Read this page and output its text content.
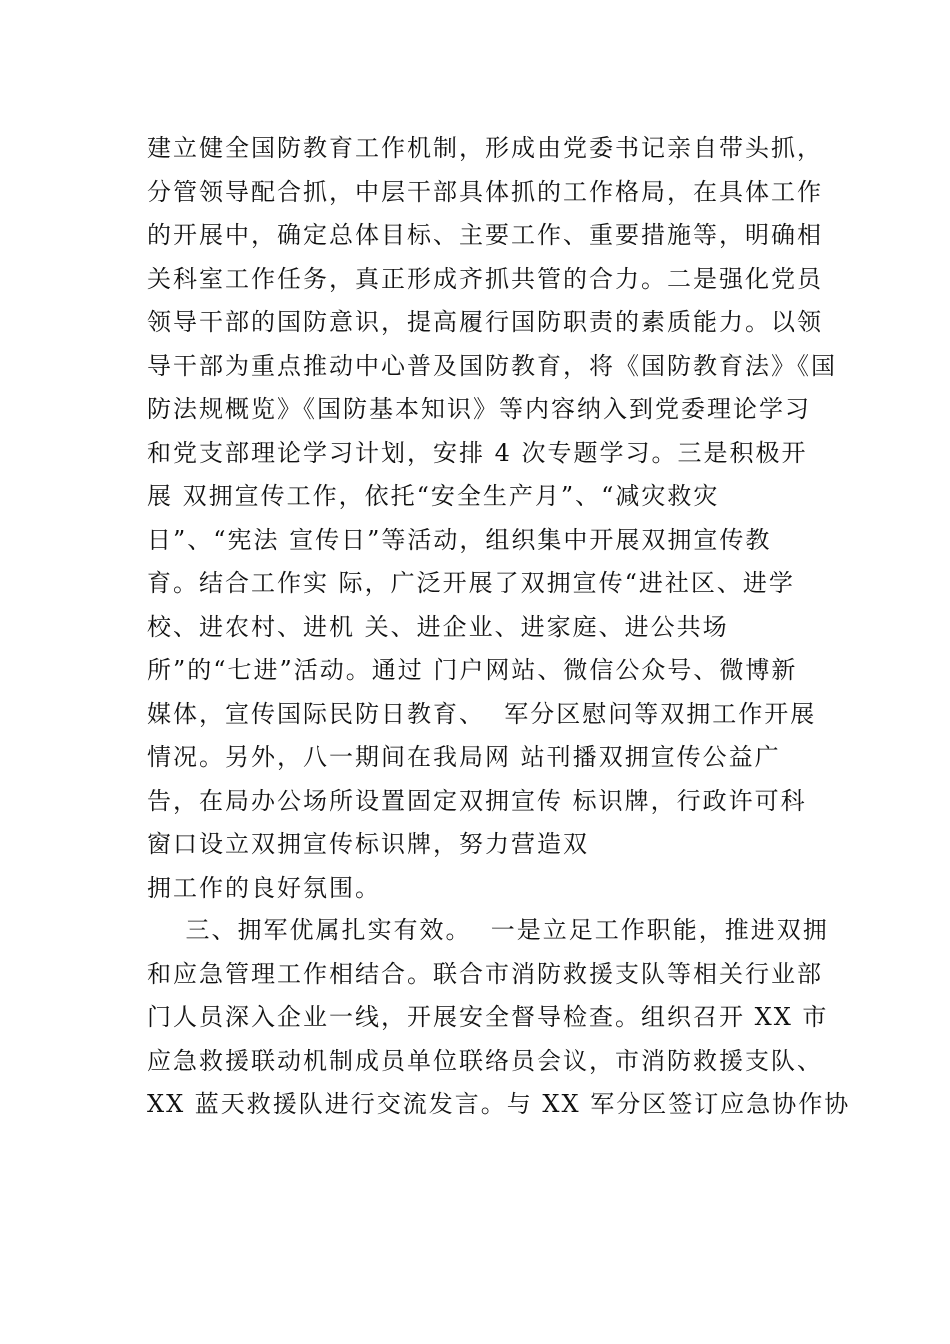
建立健全国防教育工作机制，形成由党委书记亲自带头抓，
分管领导配合抓，中层干部具体抓的工作格局，在具体工作
的开展中，确定总体目标、主要工作、重要措施等，明确相
关科室工作任务，真正形成齐抓共管的合力。二是强化党员
领导干部的国防意识，提高履行国防职责的素质能力。以领
导干部为重点推动中心普及国防教育，将《国防教育法》《国
防法规概览》《国防基本知识》等内容纳入到党委理论学习
和党支部理论学习计划，安排 4 次专题学习。三是积极开
展 双拥宣传工作，依托“安全生产月”、“减灾救灾
日”、“宪法 宣传日”等活动，组织集中开展双拥宣传教
育。结合工作实 际，广泛开展了双拥宣传“进社区、进学
校、进农村、进机 关、进企业、进家庭、进公共场
所”的“七进”活动。通过 门户网站、微信公众号、微博新
媒体，宣传国际民防日教育、  军分区慰问等双拥工作开展
情况。另外，八一期间在我局网 站刊播双拥宣传公益广
告，在局办公场所设置固定双拥宣传 标识牌，行政许可科
窗口设立双拥宣传标识牌，努力营造双
拥工作的良好氛围。
三、拥军优属扎实有效。  一是立足工作职能，推进双拥
和应急管理工作相结合。联合市消防救援支队等相关行业部
门人员深入企业一线，开展安全督导检查。组织召开 XX 市
应急救援联动机制成员单位联络员会议，市消防救援支队、
XX 蓝天救援队进行交流发言。与 XX 军分区签订应急协作协
